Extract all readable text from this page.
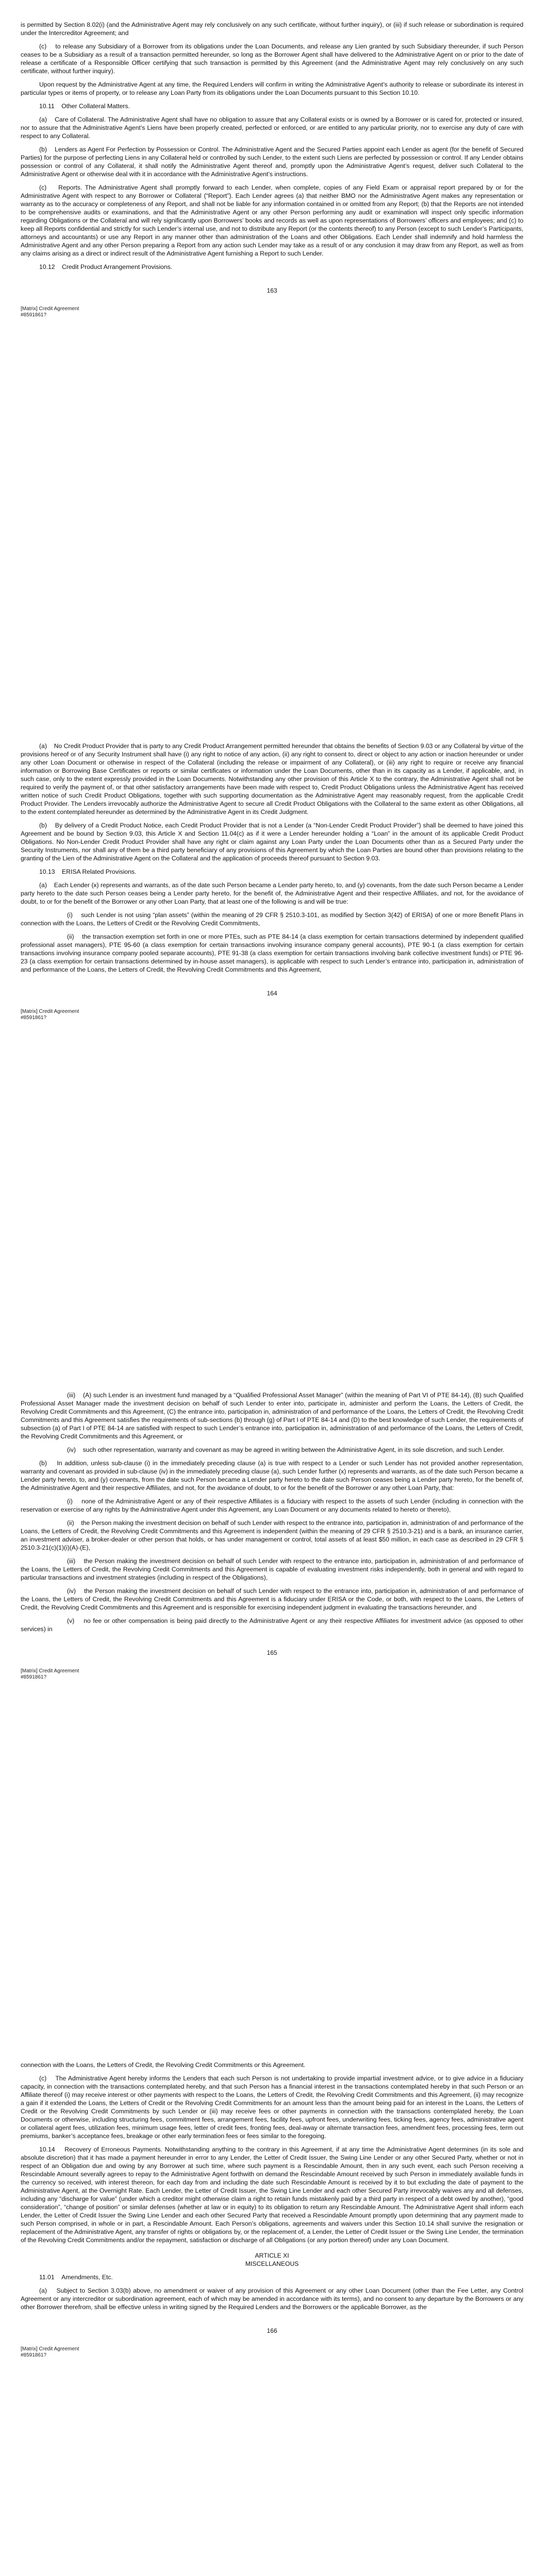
is permitted by Section 8.02(i) (and the Administrative Agent may rely conclusively on any such certificate, without further inquiry), or (iii) if such release or subordination is required under the Intercreditor Agreement; and

(c)    to release any Subsidiary of a Borrower from its obligations under the Loan Documents, and release any Lien granted by such Subsidiary thereunder, if such Person ceases to be a Subsidiary as a result of a transaction permitted hereunder, so long as the Borrower Agent shall have delivered to the Administrative Agent on or prior to the date of release a certificate of a Responsible Officer certifying that such transaction is permitted by this Agreement (and the Administrative Agent may rely conclusively on any such certificate, without further inquiry).

Upon request by the Administrative Agent at any time, the Required Lenders will confirm in writing the Administrative Agent’s authority to release or subordinate its interest in particular types or items of property, or to release any Loan Party from its obligations under the Loan Documents pursuant to this Section 10.10.

10.11    Other Collateral Matters.

(a)    Care of Collateral. The Administrative Agent shall have no obligation to assure that any Collateral exists or is owned by a Borrower or is cared for, protected or insured, nor to assure that the Administrative Agent’s Liens have been properly created, perfected or enforced, or are entitled to any particular priority, nor to exercise any duty of care with respect to any Collateral.

(b)    Lenders as Agent For Perfection by Possession or Control. The Administrative Agent and the Secured Parties appoint each Lender as agent (for the benefit of Secured Parties) for the purpose of perfecting Liens in any Collateral held or controlled by such Lender, to the extent such Liens are perfected by possession or control. If any Lender obtains possession or control of any Collateral, it shall notify the Administrative Agent thereof and, promptly upon the Administrative Agent’s request, deliver such Collateral to the Administrative Agent or otherwise deal with it in accordance with the Administrative Agent’s instructions.

(c)    Reports. The Administrative Agent shall promptly forward to each Lender, when complete, copies of any Field Exam or appraisal report prepared by or for the Administrative Agent with respect to any Borrower or Collateral (“Report”). Each Lender agrees (a) that neither BMO nor the Administrative Agent makes any representation or warranty as to the accuracy or completeness of any Report, and shall not be liable for any information contained in or omitted from any Report; (b) that the Reports are not intended to be comprehensive audits or examinations, and that the Administrative Agent or any other Person performing any audit or examination will inspect only specific information regarding Obligations or the Collateral and will rely significantly upon Borrowers’ books and records as well as upon representations of Borrowers’ officers and employees; and (c) to keep all Reports confidential and strictly for such Lender’s internal use, and not to distribute any Report (or the contents thereof) to any Person (except to such Lender’s Participants, attorneys and accountants) or use any Report in any manner other than administration of the Loans and other Obligations. Each Lender shall indemnify and hold harmless the Administrative Agent and any other Person preparing a Report from any action such Lender may take as a result of or any conclusion it may draw from any Report, as well as from any claims arising as a direct or indirect result of the Administrative Agent furnishing a Report to such Lender.

10.12    Credit Product Arrangement Provisions.

163
[Matrix] Credit Agreement
#8591861?

(a)    No Credit Product Provider that is party to any Credit Product Arrangement permitted hereunder that obtains the benefits of Section 9.03 or any Collateral by virtue of the provisions hereof or of any Security Instrument shall have (i) any right to notice of any action, (ii) any right to consent to, direct or object to any action or inaction hereunder or under any other Loan Document or otherwise in respect of the Collateral (including the release or impairment of any Collateral), or (iii) any right to require or receive any financial information or Borrowing Base Certificates or reports or similar certificates or information under the Loan Documents, other than in its capacity as a Lender, if applicable, and, in such case, only to the extent expressly provided in the Loan Documents. Notwithstanding any other provision of this Article X to the contrary, the Administrative Agent shall not be required to verify the payment of, or that other satisfactory arrangements have been made with respect to, Credit Product Obligations unless the Administrative Agent has received written notice of such Credit Product Obligations, together with such supporting documentation as the Administrative Agent may reasonably request, from the applicable Credit Product Provider. The Lenders irrevocably authorize the Administrative Agent to secure all Credit Product Obligations with the Collateral to the same extent as other Obligations, all to the extent contemplated hereunder as determined by the Administrative Agent in its Credit Judgment.

(b)    By delivery of a Credit Product Notice, each Credit Product Provider that is not a Lender (a “Non-Lender Credit Product Provider”) shall be deemed to have joined this Agreement and be bound by Section 9.03, this Article X and Section 11.04(c) as if it were a Lender hereunder holding a “Loan” in the amount of its applicable Credit Product Obligations. No Non-Lender Credit Product Provider shall have any right or claim against any Loan Party under the Loan Documents other than as a Secured Party under the Security Instruments, nor shall any of them be a third party beneficiary of any provisions of this Agreement by which the Loan Parties are bound other than provisions relating to the granting of the Lien of the Administrative Agent on the Collateral and the application of proceeds thereof pursuant to Section 9.03.

10.13    ERISA Related Provisions.

(a)    Each Lender (x) represents and warrants, as of the date such Person became a Lender party hereto, to, and (y) covenants, from the date such Person became a Lender party hereto to the date such Person ceases being a Lender party hereto, for the benefit of, the Administrative Agent and their respective Affiliates, and not, for the avoidance of doubt, to or for the benefit of the Borrower or any other Loan Party, that at least one of the following is and will be true:

(i)    such Lender is not using “plan assets” (within the meaning of 29 CFR § 2510.3-101, as modified by Section 3(42) of ERISA) of one or more Benefit Plans in connection with the Loans, the Letters of Credit or the Revolving Credit Commitments,

(ii)    the transaction exemption set forth in one or more PTEs, such as PTE 84-14 (a class exemption for certain transactions determined by independent qualified professional asset managers), PTE 95-60 (a class exemption for certain transactions involving insurance company general accounts), PTE 90-1 (a class exemption for certain transactions involving insurance company pooled separate accounts), PTE 91-38 (a class exemption for certain transactions involving bank collective investment funds) or PTE 96-23 (a class exemption for certain transactions determined by in-house asset managers), is applicable with respect to such Lender’s entrance into, participation in, administration of and performance of the Loans, the Letters of Credit, the Revolving Credit Commitments and this Agreement,

164
[Matrix] Credit Agreement
#8591861?

(iii)    (A) such Lender is an investment fund managed by a “Qualified Professional Asset Manager” (within the meaning of Part VI of PTE 84-14), (B) such Qualified Professional Asset Manager made the investment decision on behalf of such Lender to enter into, participate in, administer and perform the Loans, the Letters of Credit, the Revolving Credit Commitments and this Agreement, (C) the entrance into, participation in, administration of and performance of the Loans, the Letters of Credit, the Revolving Credit Commitments and this Agreement satisfies the requirements of sub-sections (b) through (g) of Part I of PTE 84-14 and (D) to the best knowledge of such Lender, the requirements of subsection (a) of Part I of PTE 84-14 are satisfied with respect to such Lender’s entrance into, participation in, administration of and performance of the Loans, the Letters of Credit, the Revolving Credit Commitments and this Agreement, or

(iv)    such other representation, warranty and covenant as may be agreed in writing between the Administrative Agent, in its sole discretion, and such Lender.

(b)    In addition, unless sub-clause (i) in the immediately preceding clause (a) is true with respect to a Lender or such Lender has not provided another representation, warranty and covenant as provided in sub-clause (iv) in the immediately preceding clause (a), such Lender further (x) represents and warrants, as of the date such Person became a Lender party hereto, to, and (y) covenants, from the date such Person became a Lender party hereto to the date such Person ceases being a Lender party hereto, for the benefit of, the Administrative Agent and their respective Affiliates, and not, for the avoidance of doubt, to or for the benefit of the Borrower or any other Loan Party, that:

(i)    none of the Administrative Agent or any of their respective Affiliates is a fiduciary with respect to the assets of such Lender (including in connection with the reservation or exercise of any rights by the Administrative Agent under this Agreement, any Loan Document or any documents related to hereto or thereto),

(ii)    the Person making the investment decision on behalf of such Lender with respect to the entrance into, participation in, administration of and performance of the Loans, the Letters of Credit, the Revolving Credit Commitments and this Agreement is independent (within the meaning of 29 CFR § 2510.3-21) and is a bank, an insurance carrier, an investment adviser, a broker-dealer or other person that holds, or has under management or control, total assets of at least $50 million, in each case as described in 29 CFR § 2510.3-21(c)(1)(i)(A)-(E),

(iii)    the Person making the investment decision on behalf of such Lender with respect to the entrance into, participation in, administration of and performance of the Loans, the Letters of Credit, the Revolving Credit Commitments and this Agreement is capable of evaluating investment risks independently, both in general and with regard to particular transactions and investment strategies (including in respect of the Obligations),

(iv)    the Person making the investment decision on behalf of such Lender with respect to the entrance into, participation in, administration of and performance of the Loans, the Letters of Credit, the Revolving Credit Commitments and this Agreement is a fiduciary under ERISA or the Code, or both, with respect to the Loans, the Letters of Credit, the Revolving Credit Commitments and this Agreement and is responsible for exercising independent judgment in evaluating the transactions hereunder, and

(v)    no fee or other compensation is being paid directly to the Administrative Agent or any their respective Affiliates for investment advice (as opposed to other services) in

165
[Matrix] Credit Agreement
#8591861?

connection with the Loans, the Letters of Credit, the Revolving Credit Commitments or this Agreement.

(c)    The Administrative Agent hereby informs the Lenders that each such Person is not undertaking to provide impartial investment advice, or to give advice in a fiduciary capacity, in connection with the transactions contemplated hereby, and that such Person has a financial interest in the transactions contemplated hereby in that such Person or an Affiliate thereof (i) may receive interest or other payments with respect to the Loans, the Letters of Credit, the Revolving Credit Commitments and this Agreement, (ii) may recognize a gain if it extended the Loans, the Letters of Credit or the Revolving Credit Commitments for an amount less than the amount being paid for an interest in the Loans, the Letters of Credit or the Revolving Credit Commitments by such Lender or (iii) may receive fees or other payments in connection with the transactions contemplated hereby, the Loan Documents or otherwise, including structuring fees, commitment fees, arrangement fees, facility fees, upfront fees, underwriting fees, ticking fees, agency fees, administrative agent or collateral agent fees, utilization fees, minimum usage fees, letter of credit fees, fronting fees, deal-away or alternate transaction fees, amendment fees, processing fees, term out premiums, banker’s acceptance fees, breakage or other early termination fees or fees similar to the foregoing.

10.14    Recovery of Erroneous Payments. Notwithstanding anything to the contrary in this Agreement, if at any time the Administrative Agent determines (in its sole and absolute discretion) that it has made a payment hereunder in error to any Lender, the Letter of Credit Issuer, the Swing Line Lender or any other Secured Party, whether or not in respect of an Obligation due and owing by any Borrower at such time, where such payment is a Rescindable Amount, then in any such event, each such Person receiving a Rescindable Amount severally agrees to repay to the Administrative Agent forthwith on demand the Rescindable Amount received by such Person in immediately available funds in the currency so received, with interest thereon, for each day from and including the date such Rescindable Amount is received by it to but excluding the date of payment to the Administrative Agent, at the Overnight Rate. Each Lender, the Letter of Credit Issuer, the Swing Line Lender and each other Secured Party irrevocably waives any and all defenses, including any “discharge for value” (under which a creditor might otherwise claim a right to retain funds mistakenly paid by a third party in respect of a debt owed by another), “good consideration”, “change of position” or similar defenses (whether at law or in equity) to its obligation to return any Rescindable Amount. The Administrative Agent shall inform each Lender, the Letter of Credit Issuer the Swing Line Lender and each other Secured Party that received a Rescindable Amount promptly upon determining that any payment made to such Person comprised, in whole or in part, a Rescindable Amount. Each Person’s obligations, agreements and waivers under this Section 10.14 shall survive the resignation or replacement of the Administrative Agent, any transfer of rights or obligations by, or the replacement of, a Lender, the Letter of Credit Issuer or the Swing Line Lender, the termination of the Revolving Credit Commitments and/or the repayment, satisfaction or discharge of all Obligations (or any portion thereof) under any Loan Document.

ARTICLE XI

MISCELLANEOUS

11.01    Amendments, Etc.

(a)    Subject to Section 3.03(b) above, no amendment or waiver of any provision of this Agreement or any other Loan Document (other than the Fee Letter, any Control Agreement or any intercreditor or subordination agreement, each of which may be amended in accordance with its terms), and no consent to any departure by the Borrowers or any other Borrower therefrom, shall be effective unless in writing signed by the Required Lenders and the Borrowers or the applicable Borrower, as the

166
[Matrix] Credit Agreement
#8591861?
